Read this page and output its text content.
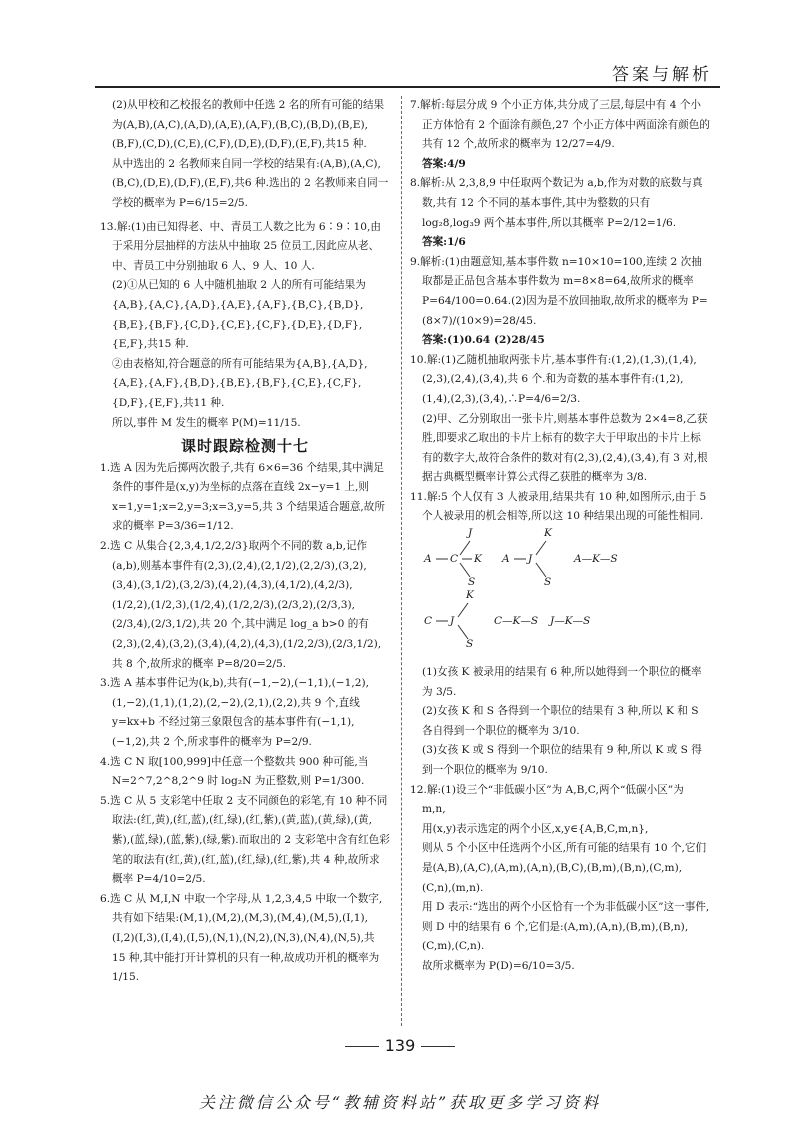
答案与解析

(2)从甲校和乙校报名的教师中任选 2 名的所有可能的结果为(A,B),(A,C),(A,D),(A,E),(A,F),(B,C),(B,D),(B,E),(B,F),(C,D),(C,E),(C,F),(D,E),(D,F),(E,F),共15 种.

从中选出的 2 名教师来自同一学校的结果有:(A,B),(A,C),(B,C),(D,E),(D,F),(E,F),共6 种.选出的 2 名教师来自同一学校的概率为 P=6/15=2/5.

13.解:(1)由已知得老、中、青员工人数之比为 6∶9∶10,由于采用分层抽样的方法从中抽取 25 位员工,因此应从老、中、青员工中分别抽取 6 人、9 人、10 人.

(2)①从已知的 6 人中随机抽取 2 人的所有可能结果为{A,B},{A,C},{A,D},{A,E},{A,F},{B,C},{B,D},{B,E},{B,F},{C,D},{C,E},{C,F},{D,E},{D,F},{E,F},共15 种.

②由表格知,符合题意的所有可能结果为{A,B},{A,D},{A,E},{A,F},{B,D},{B,E},{B,F},{C,E},{C,F},{D,F},{E,F},共11 种.

所以,事件 M 发生的概率 P(M)=11/15.

课时跟踪检测十七

1.选 A 因为先后掷两次骰子,共有 6×6=36 个结果,其中满足条件的事件是(x,y)为坐标的点落在直线 2x−y=1 上,则 x=1,y=1;x=2,y=3;x=3,y=5,共 3 个结果适合题意,故所求的概率 P=3/36=1/12.

2.选 C 从集合{2,3,4,1/2,2/3}取两个不同的数 a,b,记作(a,b),则基本事件有(2,3),(2,4),(2,1/2),(2,2/3),(3,2),(3,4),(3,1/2),(3,2/3),(4,2),(4,3),(4,1/2),(4,2/3),(1/2,2),(1/2,3),(1/2,4),(1/2,2/3),(2/3,2),(2/3,3),(2/3,4),(2/3,1/2),共 20 个,其中满足 log_a b>0 的有(2,3),(2,4),(3,2),(3,4),(4,2),(4,3),(1/2,2/3),(2/3,1/2),共 8 个,故所求的概率 P=8/20=2/5.

3.选 A 基本事件记为(k,b),共有(−1,−2),(−1,1),(−1,2),(1,−2),(1,1),(1,2),(2,−2),(2,1),(2,2),共 9 个,直线 y=kx+b 不经过第三象限包含的基本事件有(−1,1),(−1,2),共 2 个,所求事件的概率为 P=2/9.

4.选 C N 取[100,999]中任意一个整数共 900 种可能,当 N=2^7,2^8,2^9 时 log₂N 为正整数,则 P=1/300.

5.选 C 从 5 支彩笔中任取 2 支不同颜色的彩笔,有 10 种不同取法:(红,黄),(红,蓝),(红,绿),(红,紫),(黄,蓝),(黄,绿),(黄,紫),(蓝,绿),(蓝,紫),(绿,紫).而取出的 2 支彩笔中含有红色彩笔的取法有(红,黄),(红,蓝),(红,绿),(红,紫),共 4 种,故所求概率 P=4/10=2/5.

6.选 C 从 M,I,N 中取一个字母,从 1,2,3,4,5 中取一个数字,共有如下结果:(M,1),(M,2),(M,3),(M,4),(M,5),(I,1),(I,2)(I,3),(I,4),(I,5),(N,1),(N,2),(N,3),(N,4),(N,5),共 15 种,其中能打开计算机的只有一种,故成功开机的概率为 1/15.

7.解析:每层分成 9 个小正方体,共分成了三层,每层中有 4 个小正方体恰有 2 个面涂有颜色,27 个小正方体中两面涂有颜色的共有 12 个,故所求的概率为 12/27=4/9.

答案:4/9

8.解析:从 2,3,8,9 中任取两个数记为 a,b,作为对数的底数与真数,共有 12 个不同的基本事件,其中为整数的只有 log₂8,log₃9 两个基本事件,所以其概率 P=2/12=1/6.

答案:1/6

9.解析:(1)由题意知,基本事件数 n=10×10=100,连续 2 次抽取都是正品包含基本事件数为 m=8×8=64,故所求的概率 P=64/100=0.64.(2)因为是不放回抽取,故所求的概率为 P=(8×7)/(10×9)=28/45.

答案:(1)0.64 (2)28/45

10.解:(1)乙随机抽取两张卡片,基本事件有:(1,2),(1,3),(1,4),(2,3),(2,4),(3,4),共 6 个.和为奇数的基本事件有:(1,2),(1,4),(2,3),(3,4),∴P=4/6=2/3.

(2)甲、乙分别取出一张卡片,则基本事件总数为 2×4=8,乙获胜,即要求乙取出的卡片上标有的数字大于甲取出的卡片上标有的数字大,故符合条件的数对有(2,3),(2,4),(3,4),有 3 对,根据古典概型概率计算公式得乙获胜的概率为 3/8.

11.解:5 个人仅有 3 人被录用,结果共有 10 种,如图所示,由于 5 个人被录用的机会相等,所以这 10 种结果出现的可能性相同.

A C K
J
S
A J
K
S
A—K—S
C J
K
S
C—K—S J—K—S

(1)女孩 K 被录用的结果有 6 种,所以她得到一个职位的概率为 3/5.

(2)女孩 K 和 S 各得到一个职位的结果有 3 种,所以 K 和 S 各自得到一个职位的概率为 3/10.

(3)女孩 K 或 S 得到一个职位的结果有 9 种,所以 K 或 S 得到一个职位的概率为 9/10.

12.解:(1)设三个“非低碳小区”为 A,B,C,两个“低碳小区”为 m,n,

用(x,y)表示选定的两个小区,x,y∈{A,B,C,m,n},

则从 5 个小区中任选两个小区,所有可能的结果有 10 个,它们是(A,B),(A,C),(A,m),(A,n),(B,C),(B,m),(B,n),(C,m),(C,n),(m,n).

用 D 表示:“选出的两个小区恰有一个为非低碳小区”这一事件,则 D 中的结果有 6 个,它们是:(A,m),(A,n),(B,m),(B,n),(C,m),(C,n).

故所求概率为 P(D)=6/10=3/5.

139
关注微信公众号“教辅资料站”获取更多学习资料
